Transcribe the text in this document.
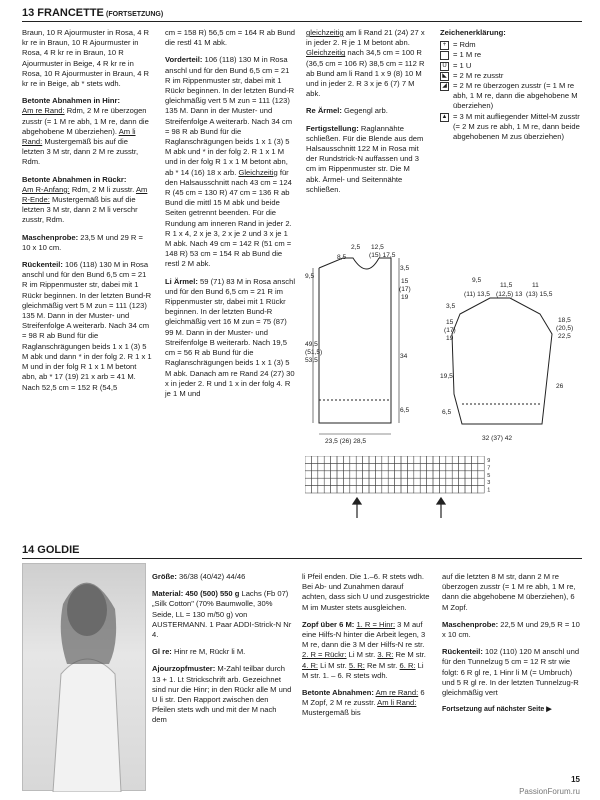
13 FRANCETTE (FORTSETZUNG)

Braun, 10 R Ajourmuster in Rosa, 4 R kr re in Braun, 10 R Ajourmuster in Rosa, 4 R kr re in Braun, 10 R Ajourmuster in Beige, 4 R kr re in Rosa, 10 R Ajourmuster in Braun, 4 R kr re in Beige, ab * stets wdh.

Betonte Abnahmen in Hinr:
Am re Rand: Rdm, 2 M re überzogen zusstr (= 1 M re abh, 1 M re, dann die abgehobene M überziehen). Am li Rand: Mustergemäß bis auf die letzten 3 M str, dann 2 M re zusstr, Rdm.

Betonte Abnahmen in Rückr:
Am R-Anfang: Rdm, 2 M li zusstr. Am R-Ende: Mustergemäß bis auf die letzten 3 M str, dann 2 M li verschr zusstr, Rdm.

Maschenprobe: 23,5 M und 29 R = 10 x 10 cm.

Rückenteil: 106 (118) 130 M in Rosa anschl und für den Bund 6,5 cm = 21 R im Rippenmuster str, dabei mit 1 Rückr beginnen. In der letzten Bund-R gleichmäßig vert 5 M zun = 111 (123) 135 M. Dann in der Muster- und Streifenfolge A weiterarb. Nach 34 cm = 98 R ab Bund für die Raglanschrägungen beids 1 x 1 (3) 5 M abk und dann * in der folg 2. R 1 x 1 M und in der folg R 1 x 1 M betont abn, ab * 17 (19) 21 x arb = 41 M. Nach 52,5 cm = 152 R (54,5

cm = 158 R) 56,5 cm = 164 R ab Bund die restl 41 M abk.

Vorderteil: 106 (118) 130 M in Rosa anschl und für den Bund 6,5 cm = 21 R im Rippenmuster str, dabei mit 1 Rückr beginnen. In der letzten Bund-R gleichmäßig vert 5 M zun = 111 (123) 135 M. Dann in der Muster- und Streifenfolge A weiterarb. Nach 34 cm = 98 R ab Bund für die Raglanschrägungen beids 1 x 1 (3) 5 M abk und * in der folg 2. R 1 x 1 M und in der folg R 1 x 1 M betont abn, ab * 14 (16) 18 x arb. Gleichzeitig für den Halsausschnitt nach 43 cm = 124 R (45 cm = 130 R) 47 cm = 136 R ab Bund die mittl 15 M abk und beide Seiten getrennt beenden. Für die Rundung am inneren Rand in jeder 2. R 1 x 4, 2 x je 3, 2 x je 2 und 3 x je 1 M abk. Nach 49 cm = 142 R (51 cm = 148 R) 53 cm = 154 R ab Bund die restl 2 M abk.

Li Ärmel: 59 (71) 83 M in Rosa anschl und für den Bund 6,5 cm = 21 R im Rippenmuster str, dabei mit 1 Rückr beginnen. In der letzten Bund-R gleichmäßig vert 16 M zun = 75 (87) 99 M. Dann in der Muster- und Streifenfolge B weiterarb. Nach 19,5 cm = 56 R ab Bund für die Raglanschrägungen beids 1 x 1 (3) 5 M abk. Danach am re Rand 24 (27) 30 x in jeder 2. R und 1 x in der folg 4. R je 1 M und

gleichzeitig am li Rand 21 (24) 27 x in jeder 2. R je 1 M betont abn. Gleichzeitig nach 34,5 cm = 100 R (36,5 cm = 106 R) 38,5 cm = 112 R ab Bund am li Rand 1 x 9 (8) 10 M und in jeder 2. R 3 x je 6 (7) 7 M abk.

Re Ärmel: Gegengl arb.

Fertigstellung: Raglannähte schließen. Für die Blende aus dem Halsausschnitt 122 M in Rosa mit der Rundstrick-N auffassen und 3 cm im Rippenmuster str. Die M abk. Ärmel- und Seitennähte schließen.

Zeichenerklärung:
+ = Rdm
= 1 M re
U = 1 U
◣ = 2 M re zusstr
◢ = 2 M re überzogen zusstr (= 1 M re abh, 1 M re, dann die abgehobene M überziehen)
▲ = 3 M mit aufliegender Mittel-M zusstr (= 2 M zus re abh, 1 M re, dann beide abgehobenen M zus überziehen)
2,5 12,5
(15) 17,5
8,5
9,5
3,5
15
(17)
19
49,5
(51,5)
53,5
34
6,5
23,5 (26) 28,5
9,5
11,5	11
(11) 13,5 (12,5) 13 (13) 15,5
3,5
15
(17)
19
18,5
(20,5)
22,5
19,5
26
6,5
32 (37) 42
9
7
5
3
1
14 GOLDIE

Größe: 36/38 (40/42) 44/46

Material: 450 (500) 550 g Lachs (Fb 07) „Silk Cotton" (70% Baumwolle, 30% Seide, LL = 130 m/50 g) von AUSTERMANN. 1 Paar ADDI-Strick-N Nr 4.

Gl re: Hinr re M, Rückr li M.

Ajourzopfmuster: M-Zahl teilbar durch 13 + 1. Lt Strickschrift arb. Gezeichnet sind nur die Hinr; in den Rückr alle M und U li str. Den Rapport zwischen den Pfeilen stets wdh und mit der M nach dem

li Pfeil enden. Die 1.–6. R stets wdh. Bei Ab- und Zunahmen darauf achten, dass sich U und zusgestrickte M im Muster stets ausgleichen.

Zopf über 6 M: 1. R = Hinr: 3 M auf eine Hilfs-N hinter die Arbeit legen, 3 M re, dann die 3 M der Hilfs-N re str. 2. R = Rückr: Li M str. 3. R: Re M str. 4. R: Li M str. 5. R: Re M str. 6. R: Li M str. 1. – 6. R stets wdh.

Betonte Abnahmen: Am re Rand: 6 M Zopf, 2 M re zusstr. Am li Rand: Mustergemäß bis

auf die letzten 8 M str, dann 2 M re überzogen zusstr (= 1 M re abh, 1 M re, dann die abgehobene M überziehen), 6 M Zopf.

Maschenprobe: 22,5 M und 29,5 R = 10 x 10 cm.

Rückenteil: 102 (110) 120 M anschl und für den Tunnelzug 5 cm = 12 R str wie folgt: 6 R gl re, 1 Hinr li M (= Umbruch) und 5 R gl re. In der letzten Tunnelzug-R gleichmäßig vert

Fortsetzung auf nächster Seite ▶

15
PassionForum.ru
